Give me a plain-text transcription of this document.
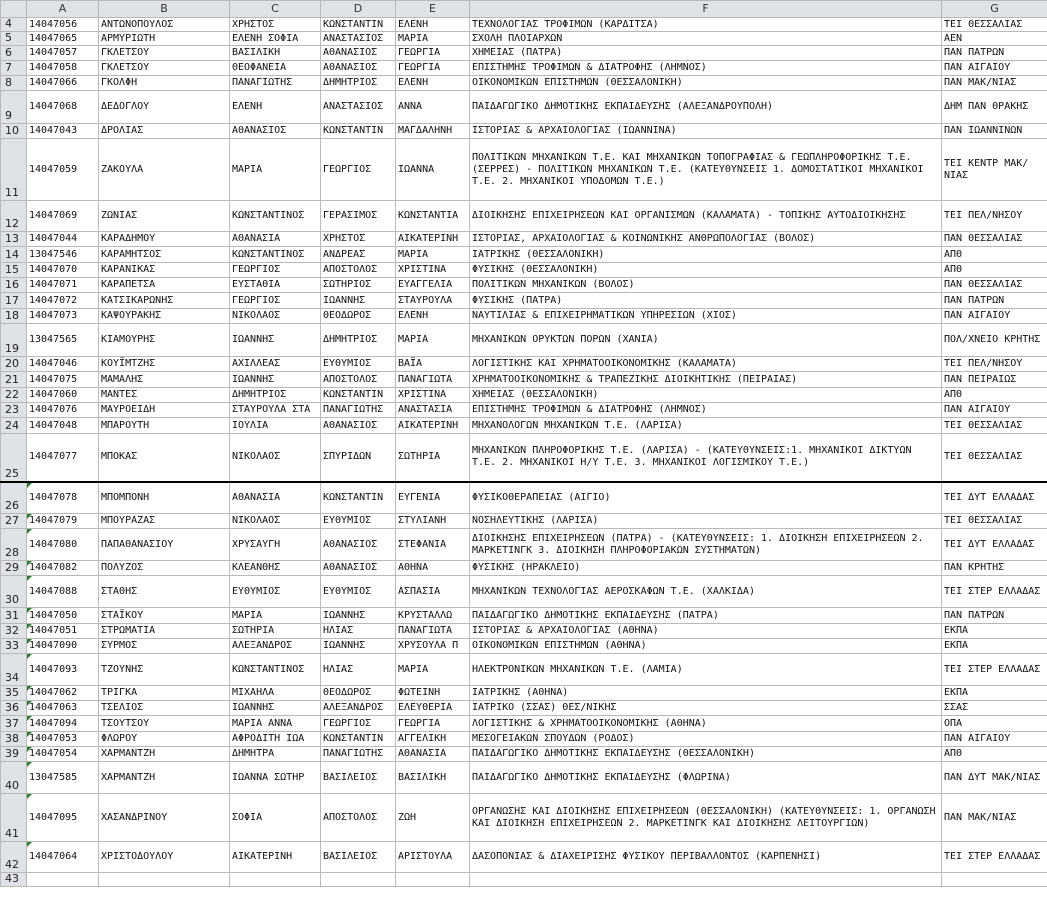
	A	B	C	D	E	F	G
4	14047056	ΑΝΤΩΝΟΠΟΥΛΟΣ	ΧΡΗΣΤΟΣ	ΚΩΝΣΤΑΝΤΙΝ	ΕΛΕΝΗ	ΤΕΧΝΟΛΟΓΙΑΣ ΤΡΟΦΙΜΩΝ (ΚΑΡΔΙΤΣΑ)	ΤΕΙ ΘΕΣΣΑΛΙΑΣ
5	14047065	ΑΡΜΥΡΙΩΤΗ	ΕΛΕΝΗ ΣΟΦΙΑ	ΑΝΑΣΤΑΣΙΟΣ	ΜΑΡΙΑ	ΣΧΟΛΗ ΠΛΟΙΑΡΧΩΝ	ΑΕΝ
6	14047057	ΓΚΛΕΤΣΟΥ	ΒΑΣΙΛΙΚΗ	ΑΘΑΝΑΣΙΟΣ	ΓΕΩΡΓΙΑ	ΧΗΜΕΙΑΣ (ΠΑΤΡΑ)	ΠΑΝ ΠΑΤΡΩΝ
7	14047058	ΓΚΛΕΤΣΟΥ	ΘΕΟΦΑΝΕΙΑ	ΑΘΑΝΑΣΙΟΣ	ΓΕΩΡΓΙΑ	ΕΠΙΣΤΗΜΗΣ ΤΡΟΦΙΜΩΝ & ΔΙΑΤΡΟΦΗΣ (ΛΗΜΝΟΣ)	ΠΑΝ ΑΙΓΑΙΟΥ
8	14047066	ΓΚΟΛΦΗ	ΠΑΝΑΓΙΩΤΗΣ	ΔΗΜΗΤΡΙΟΣ	ΕΛΕΝΗ	ΟΙΚΟΝΟΜΙΚΩΝ ΕΠΙΣΤΗΜΩΝ (ΘΕΣΣΑΛΟΝΙΚΗ)	ΠΑΝ ΜΑΚ/ΝΙΑΣ
9	14047068	ΔΕΔΟΓΛΟΥ	ΕΛΕΝΗ	ΑΝΑΣΤΑΣΙΟΣ	ΑΝΝΑ	ΠΑΙΔΑΓΩΓΙΚΟ ΔΗΜΟΤΙΚΗΣ ΕΚΠΑΙΔΕΥΣΗΣ (ΑΛΕΞΑΝΔΡΟΥΠΟΛΗ)	ΔΗΜ ΠΑΝ ΘΡΑΚΗΣ
10	14047043	ΔΡΟΛΙΑΣ	ΑΘΑΝΑΣΙΟΣ	ΚΩΝΣΤΑΝΤΙΝ	ΜΑΓΔΑΛΗΝΗ	ΙΣΤΟΡΙΑΣ & ΑΡΧΑΙΟΛΟΓΙΑΣ (ΙΩΑΝΝΙΝΑ)	ΠΑΝ ΙΩΑΝΝΙΝΩΝ
11	14047059	ΖΑΚΟΥΛΑ	ΜΑΡΙΑ	ΓΕΩΡΓΙΟΣ	ΙΩΑΝΝΑ	ΠΟΛΙΤΙΚΩΝ ΜΗΧΑΝΙΚΩΝ Τ.Ε. ΚΑΙ ΜΗΧΑΝΙΚΩΝ ΤΟΠΟΓΡΑΦΙΑΣ & ΓΕΩΠΛΗΡΟΦΟΡΙΚΗΣ Τ.Ε. (ΣΕΡΡΕΣ) - ΠΟΛΙΤΙΚΩΝ ΜΗΧΑΝΙΚΩΝ Τ.Ε. (ΚΑΤΕΥΘΥΝΣΕΙΣ 1. ΔΟΜΟΣΤΑΤΙΚΟΙ ΜΗΧΑΝΙΚΟΙ Τ.Ε. 2. ΜΗΧΑΝΙΚΟΙ ΥΠΟΔΟΜΩΝ Τ.Ε.)	ΤΕΙ ΚΕΝΤΡ ΜΑΚ/ΝΙΑΣ
12	14047069	ΖΩΝΙΑΣ	ΚΩΝΣΤΑΝΤΙΝΟΣ	ΓΕΡΑΣΙΜΟΣ	ΚΩΝΣΤΑΝΤΙΑ	ΔΙΟΙΚΗΣΗΣ ΕΠΙΧΕΙΡΗΣΕΩΝ ΚΑΙ ΟΡΓΑΝΙΣΜΩΝ (ΚΑΛΑΜΑΤΑ) - ΤΟΠΙΚΗΣ ΑΥΤΟΔΙΟΙΚΗΣΗΣ	ΤΕΙ ΠΕΛ/ΝΗΣΟΥ
13	14047044	ΚΑΡΑΔΗΜΟΥ	ΑΘΑΝΑΣΙΑ	ΧΡΗΣΤΟΣ	ΑΙΚΑΤΕΡΙΝΗ	ΙΣΤΟΡΙΑΣ, ΑΡΧΑΙΟΛΟΓΙΑΣ & ΚΟΙΝΩΝΙΚΗΣ ΑΝΘΡΩΠΟΛΟΓΙΑΣ (ΒΟΛΟΣ)	ΠΑΝ ΘΕΣΣΑΛΙΑΣ
14	13047546	ΚΑΡΑΜΗΤΣΟΣ	ΚΩΝΣΤΑΝΤΙΝΟΣ	ΑΝΔΡΕΑΣ	ΜΑΡΙΑ	ΙΑΤΡΙΚΗΣ (ΘΕΣΣΑΛΟΝΙΚΗ)	ΑΠΘ
15	14047070	ΚΑΡΑΝΙΚΑΣ	ΓΕΩΡΓΙΟΣ	ΑΠΟΣΤΟΛΟΣ	ΧΡΙΣΤΙΝΑ	ΦΥΣΙΚΗΣ (ΘΕΣΣΑΛΟΝΙΚΗ)	ΑΠΘ
16	14047071	ΚΑΡΑΠΕΤΣΑ	ΕΥΣΤΑΘΙΑ	ΣΩΤΗΡΙΟΣ	ΕΥΑΓΓΕΛΙΑ	ΠΟΛΙΤΙΚΩΝ ΜΗΧΑΝΙΚΩΝ (ΒΟΛΟΣ)	ΠΑΝ ΘΕΣΣΑΛΙΑΣ
17	14047072	ΚΑΤΣΙΚΑΡΩΝΗΣ	ΓΕΩΡΓΙΟΣ	ΙΩΑΝΝΗΣ	ΣΤΑΥΡΟΥΛΑ	ΦΥΣΙΚΗΣ (ΠΑΤΡΑ)	ΠΑΝ ΠΑΤΡΩΝ
18	14047073	ΚΑΨΟΥΡΑΚΗΣ	ΝΙΚΟΛΑΟΣ	ΘΕΟΔΩΡΟΣ	ΕΛΕΝΗ	ΝΑΥΤΙΛΙΑΣ & ΕΠΙΧΕΙΡΗΜΑΤΙΚΩΝ ΥΠΗΡΕΣΙΩΝ (ΧΙΟΣ)	ΠΑΝ ΑΙΓΑΙΟΥ
19	13047565	ΚΙΑΜΟΥΡΗΣ	ΙΩΑΝΝΗΣ	ΔΗΜΗΤΡΙΟΣ	ΜΑΡΙΑ	ΜΗΧΑΝΙΚΩΝ ΟΡΥΚΤΩΝ ΠΟΡΩΝ (ΧΑΝΙΑ)	ΠΟΛ/ΧΝΕΙΟ ΚΡΗΤΗΣ
20	14047046	ΚΟΥΪΜΤΖΗΣ	ΑΧΙΛΛΕΑΣ	ΕΥΘΥΜΙΟΣ	ΒΑΪΑ	ΛΟΓΙΣΤΙΚΗΣ ΚΑΙ ΧΡΗΜΑΤΟΟΙΚΟΝΟΜΙΚΗΣ (ΚΑΛΑΜΑΤΑ)	ΤΕΙ ΠΕΛ/ΝΗΣΟΥ
21	14047075	ΜΑΜΑΛΗΣ	ΙΩΑΝΝΗΣ	ΑΠΟΣΤΟΛΟΣ	ΠΑΝΑΓΙΩΤΑ	ΧΡΗΜΑΤΟΟΙΚΟΝΟΜΙΚΗΣ & ΤΡΑΠΕΖΙΚΗΣ ΔΙΟΙΚΗΤΙΚΗΣ (ΠΕΙΡΑΙΑΣ)	ΠΑΝ ΠΕΙΡΑΙΩΣ
22	14047060	ΜΑΝΤΕΣ	ΔΗΜΗΤΡΙΟΣ	ΚΩΝΣΤΑΝΤΙΝ	ΧΡΙΣΤΙΝΑ	ΧΗΜΕΙΑΣ (ΘΕΣΣΑΛΟΝΙΚΗ)	ΑΠΘ
23	14047076	ΜΑΥΡΟΕΙΔΗ	ΣΤΑΥΡΟΥΛΑ ΣΤΑ	ΠΑΝΑΓΙΩΤΗΣ	ΑΝΑΣΤΑΣΙΑ	ΕΠΙΣΤΗΜΗΣ ΤΡΟΦΙΜΩΝ & ΔΙΑΤΡΟΦΗΣ (ΛΗΜΝΟΣ)	ΠΑΝ ΑΙΓΑΙΟΥ
24	14047048	ΜΠΑΡΟΥΤΗ	ΙΟΥΛΙΑ	ΑΘΑΝΑΣΙΟΣ	ΑΙΚΑΤΕΡΙΝΗ	ΜΗΧΑΝΟΛΟΓΩΝ ΜΗΧΑΝΙΚΩΝ Τ.Ε. (ΛΑΡΙΣΑ)	ΤΕΙ ΘΕΣΣΑΛΙΑΣ
25	14047077	ΜΠΟΚΑΣ	ΝΙΚΟΛΑΟΣ	ΣΠΥΡΙΔΩΝ	ΣΩΤΗΡΙΑ	ΜΗΧΑΝΙΚΩΝ ΠΛΗΡΟΦΟΡΙΚΗΣ Τ.Ε. (ΛΑΡΙΣΑ) - (ΚΑΤΕΥΘΥΝΣΕΙΣ:1. ΜΗΧΑΝΙΚΟΙ ΔΙΚΤΥΩΝ Τ.Ε. 2. ΜΗΧΑΝΙΚΟΙ Η/Υ Τ.Ε. 3. ΜΗΧΑΝΙΚΟΙ ΛΟΓΙΣΜΙΚΟΥ Τ.Ε.)	ΤΕΙ ΘΕΣΣΑΛΙΑΣ
26	14047078	ΜΠΟΜΠΟΝΗ	ΑΘΑΝΑΣΙΑ	ΚΩΝΣΤΑΝΤΙΝ	ΕΥΓΕΝΙΑ	ΦΥΣΙΚΟΘΕΡΑΠΕΙΑΣ (ΑΙΓΙΟ)	ΤΕΙ ΔΥΤ ΕΛΛΑΔΑΣ
27	14047079	ΜΠΟΥΡΑΖΑΣ	ΝΙΚΟΛΑΟΣ	ΕΥΘΥΜΙΟΣ	ΣΤΥΛΙΑΝΗ	ΝΟΣΗΛΕΥΤΙΚΗΣ (ΛΑΡΙΣΑ)	ΤΕΙ ΘΕΣΣΑΛΙΑΣ
28	14047080	ΠΑΠΑΘΑΝΑΣΙΟΥ	ΧΡΥΣΑΥΓΗ	ΑΘΑΝΑΣΙΟΣ	ΣΤΕΦΑΝΙΑ	ΔΙΟΙΚΗΣΗΣ ΕΠΙΧΕΙΡΗΣΕΩΝ (ΠΑΤΡΑ) - (ΚΑΤΕΥΘΥΝΣΕΙΣ: 1. ΔΙΟΙΚΗΣΗ ΕΠΙΧΕΙΡΗΣΕΩΝ 2. ΜΑΡΚΕΤΙΝΓΚ 3. ΔΙΟΙΚΗΣΗ ΠΛΗΡΟΦΟΡΙΑΚΩΝ ΣΥΣΤΗΜΑΤΩΝ)	ΤΕΙ ΔΥΤ ΕΛΛΑΔΑΣ
29	14047082	ΠΟΛΥΖΟΣ	ΚΛΕΑΝΘΗΣ	ΑΘΑΝΑΣΙΟΣ	ΑΘΗΝΑ	ΦΥΣΙΚΗΣ (ΗΡΑΚΛΕΙΟ)	ΠΑΝ ΚΡΗΤΗΣ
30	14047088	ΣΤΑΘΗΣ	ΕΥΘΥΜΙΟΣ	ΕΥΘΥΜΙΟΣ	ΑΣΠΑΣΙΑ	ΜΗΧΑΝΙΚΩΝ ΤΕΧΝΟΛΟΓΙΑΣ ΑΕΡΟΣΚΑΦΩΝ Τ.Ε. (ΧΑΛΚΙΔΑ)	ΤΕΙ ΣΤΕΡ ΕΛΛΑΔΑΣ
31	14047050	ΣΤΑΪΚΟΥ	ΜΑΡΙΑ	ΙΩΑΝΝΗΣ	ΚΡΥΣΤΑΛΛΩ	ΠΑΙΔΑΓΩΓΙΚΟ ΔΗΜΟΤΙΚΗΣ ΕΚΠΑΙΔΕΥΣΗΣ (ΠΑΤΡΑ)	ΠΑΝ ΠΑΤΡΩΝ
32	14047051	ΣΤΡΩΜΑΤΙΑ	ΣΩΤΗΡΙΑ	ΗΛΙΑΣ	ΠΑΝΑΓΙΩΤΑ	ΙΣΤΟΡΙΑΣ & ΑΡΧΑΙΟΛΟΓΙΑΣ (ΑΘΗΝΑ)	ΕΚΠΑ
33	14047090	ΣΥΡΜΟΣ	ΑΛΕΞΑΝΔΡΟΣ	ΙΩΑΝΝΗΣ	ΧΡΥΣΟΥΛΑ Π	ΟΙΚΟΝΟΜΙΚΩΝ ΕΠΙΣΤΗΜΩΝ (ΑΘΗΝΑ)	ΕΚΠΑ
34	14047093	ΤΖΟΥΝΗΣ	ΚΩΝΣΤΑΝΤΙΝΟΣ	ΗΛΙΑΣ	ΜΑΡΙΑ	ΗΛΕΚΤΡΟΝΙΚΩΝ ΜΗΧΑΝΙΚΩΝ Τ.Ε. (ΛΑΜΙΑ)	ΤΕΙ ΣΤΕΡ ΕΛΛΑΔΑΣ
35	14047062	ΤΡΙΓΚΑ	ΜΙΧΑΗΛΑ	ΘΕΟΔΩΡΟΣ	ΦΩΤΕΙΝΗ	ΙΑΤΡΙΚΗΣ (ΑΘΗΝΑ)	ΕΚΠΑ
36	14047063	ΤΣΕΛΙΟΣ	ΙΩΑΝΝΗΣ	ΑΛΕΞΑΝΔΡΟΣ	ΕΛΕΥΘΕΡΙΑ	ΙΑΤΡΙΚΟ (ΣΣΑΣ) ΘΕΣ/ΝΙΚΗΣ	ΣΣΑΣ
37	14047094	ΤΣΟΥΤΣΟΥ	ΜΑΡΙΑ ΑΝΝΑ	ΓΕΩΡΓΙΟΣ	ΓΕΩΡΓΙΑ	ΛΟΓΙΣΤΙΚΗΣ & ΧΡΗΜΑΤΟΟΙΚΟΝΟΜΙΚΗΣ (ΑΘΗΝΑ)	ΟΠΑ
38	14047053	ΦΛΩΡΟΥ	ΑΦΡΟΔΙΤΗ ΙΩΑ	ΚΩΝΣΤΑΝΤΙΝ	ΑΓΓΕΛΙΚΗ	ΜΕΣΟΓΕΙΑΚΩΝ ΣΠΟΥΔΩΝ (ΡΟΔΟΣ)	ΠΑΝ ΑΙΓΑΙΟΥ
39	14047054	ΧΑΡΜΑΝΤΖΗ	ΔΗΜΗΤΡΑ	ΠΑΝΑΓΙΩΤΗΣ	ΑΘΑΝΑΣΙΑ	ΠΑΙΔΑΓΩΓΙΚΟ ΔΗΜΟΤΙΚΗΣ ΕΚΠΑΙΔΕΥΣΗΣ (ΘΕΣΣΑΛΟΝΙΚΗ)	ΑΠΘ
40	13047585	ΧΑΡΜΑΝΤΖΗ	ΙΩΑΝΝΑ ΣΩΤΗΡ	ΒΑΣΙΛΕΙΟΣ	ΒΑΣΙΛΙΚΗ	ΠΑΙΔΑΓΩΓΙΚΟ ΔΗΜΟΤΙΚΗΣ ΕΚΠΑΙΔΕΥΣΗΣ (ΦΛΩΡΙΝΑ)	ΠΑΝ ΔΥΤ ΜΑΚ/ΝΙΑΣ
41	14047095	ΧΑΣΑΝΔΡΙΝΟΥ	ΣΟΦΙΑ	ΑΠΟΣΤΟΛΟΣ	ΖΩΗ	ΟΡΓΑΝΩΣΗΣ ΚΑΙ ΔΙΟΙΚΗΣΗΣ ΕΠΙΧΕΙΡΗΣΕΩΝ (ΘΕΣΣΑΛΟΝΙΚΗ) (ΚΑΤΕΥΘΥΝΣΕΙΣ: 1. ΟΡΓΑΝΩΣΗ ΚΑΙ ΔΙΟΙΚΗΣΗ ΕΠΙΧΕΙΡΗΣΕΩΝ 2. ΜΑΡΚΕΤΙΝΓΚ ΚΑΙ ΔΙΟΙΚΗΣΗΣ ΛΕΙΤΟΥΡΓΙΩΝ)	ΠΑΝ ΜΑΚ/ΝΙΑΣ
42	14047064	ΧΡΙΣΤΟΔΟΥΛΟΥ	ΑΙΚΑΤΕΡΙΝΗ	ΒΑΣΙΛΕΙΟΣ	ΑΡΙΣΤΟΥΛΑ	ΔΑΣΟΠΟΝΙΑΣ & ΔΙΑΧΕΙΡΙΣΗΣ ΦΥΣΙΚΟΥ ΠΕΡΙΒΑΛΛΟΝΤΟΣ (ΚΑΡΠΕΝΗΣΙ)	ΤΕΙ ΣΤΕΡ ΕΛΛΑΔΑΣ
43							
